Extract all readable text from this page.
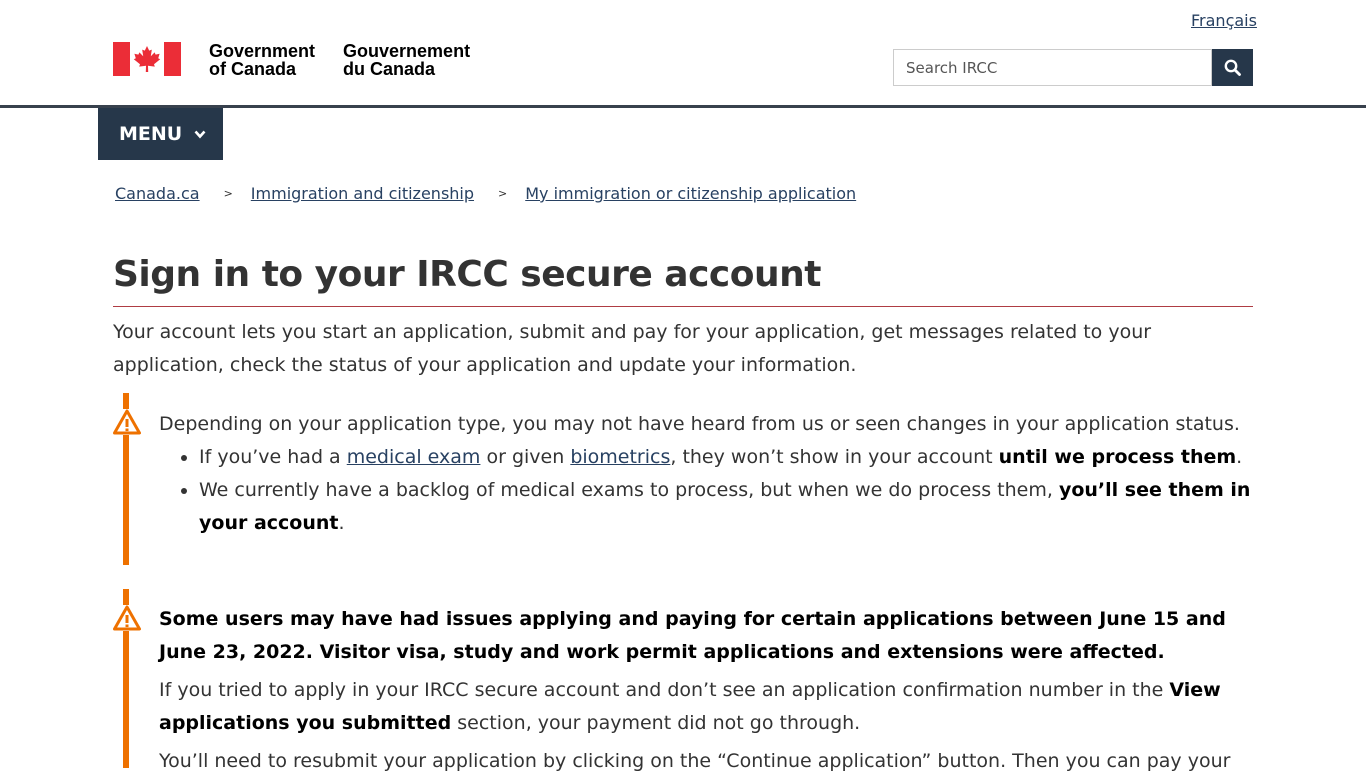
Français
Government
of Canada
Gouvernement
du Canada
Search IRCC
MENU
Canada.ca > Immigration and citizenship > My immigration or citizenship application
Sign in to your IRCC secure account

Your account lets you start an application, submit and pay for your application, get messages related to your application, check the status of your application and update your information.

Depending on your application type, you may not have heard from us or seen changes in your application status.

• If you’ve had a medical exam or given biometrics, they won’t show in your account until we process them.
• We currently have a backlog of medical exams to process, but when we do process them, you’ll see them in your account.

Some users may have had issues applying and paying for certain applications between June 15 and June 23, 2022. Visitor visa, study and work permit applications and extensions were affected.

If you tried to apply in your IRCC secure account and don’t see an application confirmation number in the View applications you submitted section, your payment did not go through.

You’ll need to resubmit your application by clicking on the “Continue application” button. Then you can pay your
